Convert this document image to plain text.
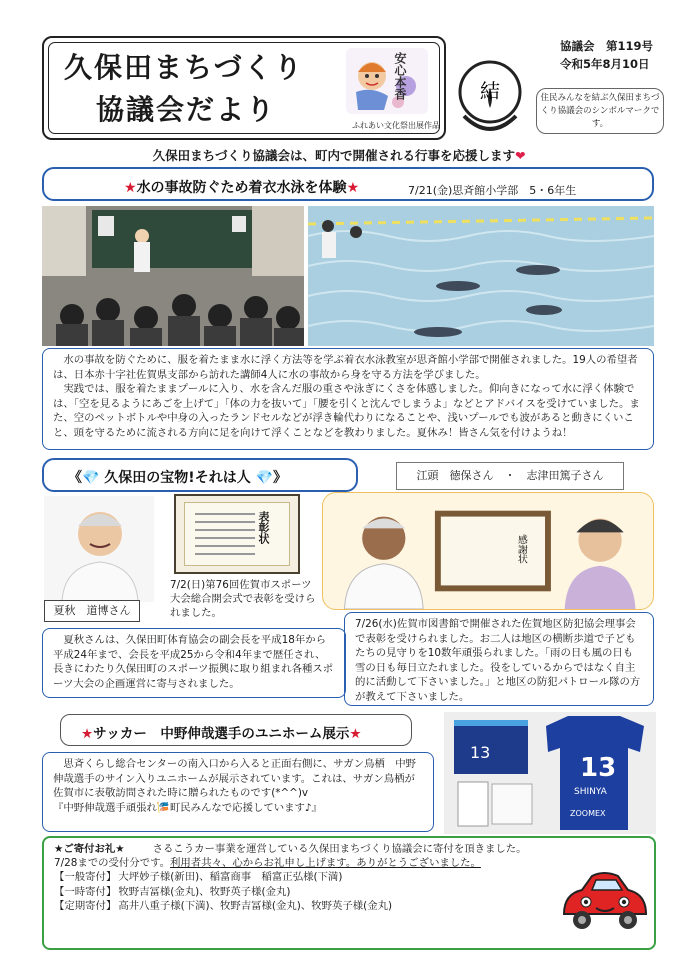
久保田まちづくり
協議会だより
安心本香
ふれあい文化祭出展作品
協議会　第119号
令和5年8月10日
結	住民みんなを結ぶ久保田まちづくり協議会のシンボルマークです。
久保田まちづくり協議会は、町内で開催される行事を応援します❤
★水の事故防ぐため着衣水泳を体験★	7/21(金)思斉館小学部　5・6年生

水の事故を防ぐために、服を着たまま水に浮く方法等を学ぶ着衣水泳教室が思斉館小学部で開催されました。19人の希望者は、日本赤十字社佐賀県支部から訪れた講師4人に水の事故から身を守る方法を学びました。

実践では、服を着たままプールに入り、水を含んだ服の重さや泳ぎにくさを体感しました。仰向きになって水に浮く体験では、「空を見るようにあごを上げて」「体の力を抜いて」「腰を引くと沈んでしまうよ」などとアドバイスを受けていました。また、空のペットボトルや中身の入ったランドセルなどが浮き輪代わりになることや、浅いプールでも波があると動きにくいこと、頭を守るために流される方向に足を向けて浮くことなどを教わりました。夏休み！皆さん気を付けようね！

《💎 久保田の宝物!それは人 💎》	江頭　徳保さん　・　志津田篤子さん
夏秋　道博さん
表彰状
7/2(日)第76回佐賀市スポーツ大会総合開会式で表彰を受けられました。

夏秋さんは、久保田町体育協会の副会長を平成18年から平成24年まで、会長を平成25から令和4年まで歴任され、長きにわたり久保田町のスポーツ振興に取り組まれ各種スポーツ大会の企画運営に寄与されました。

感謝状

7/26(水)佐賀市図書館で開催された佐賀地区防犯協会理事会で表彰を受けられました。お二人は地区の横断歩道で子どもたちの見守りを10数年頑張られました。「雨の日も風の日も雪の日も毎日立たれました。役をしているからではなく自主的に活動して下さいました。」と地区の防犯パトロール隊の方が教えて下さいました。

★サッカー　中野伸哉選手のユニホーム展示★
13
13
SHINYA
ZOOMEX

思斉くらし総合センターの南入口から入ると正面右側に、サガン鳥栖　中野伸哉選手のサイン入りユニホームが展示されています。これは、サガン鳥栖が佐賀市に表敬訪問された時に贈られたものです(*^^)v

『中野伸哉選手頑張れ🎏町民みんなで応援しています♪』

★ご寄付お礼★	さるこうカー事業を運営している久保田まちづくり協議会に寄付を頂きました。
7/28までの受付分です。利用者共々、心からお礼申し上げます。ありがとうございました。
【一般寄付】 大坪妙子様(新田)、稲富商事　稲富正弘様(下満)
【一時寄付】 牧野吉冨様(金丸)、牧野英子様(金丸)
【定期寄付】 高井八重子様(下満)、牧野吉冨様(金丸)、牧野英子様(金丸)
